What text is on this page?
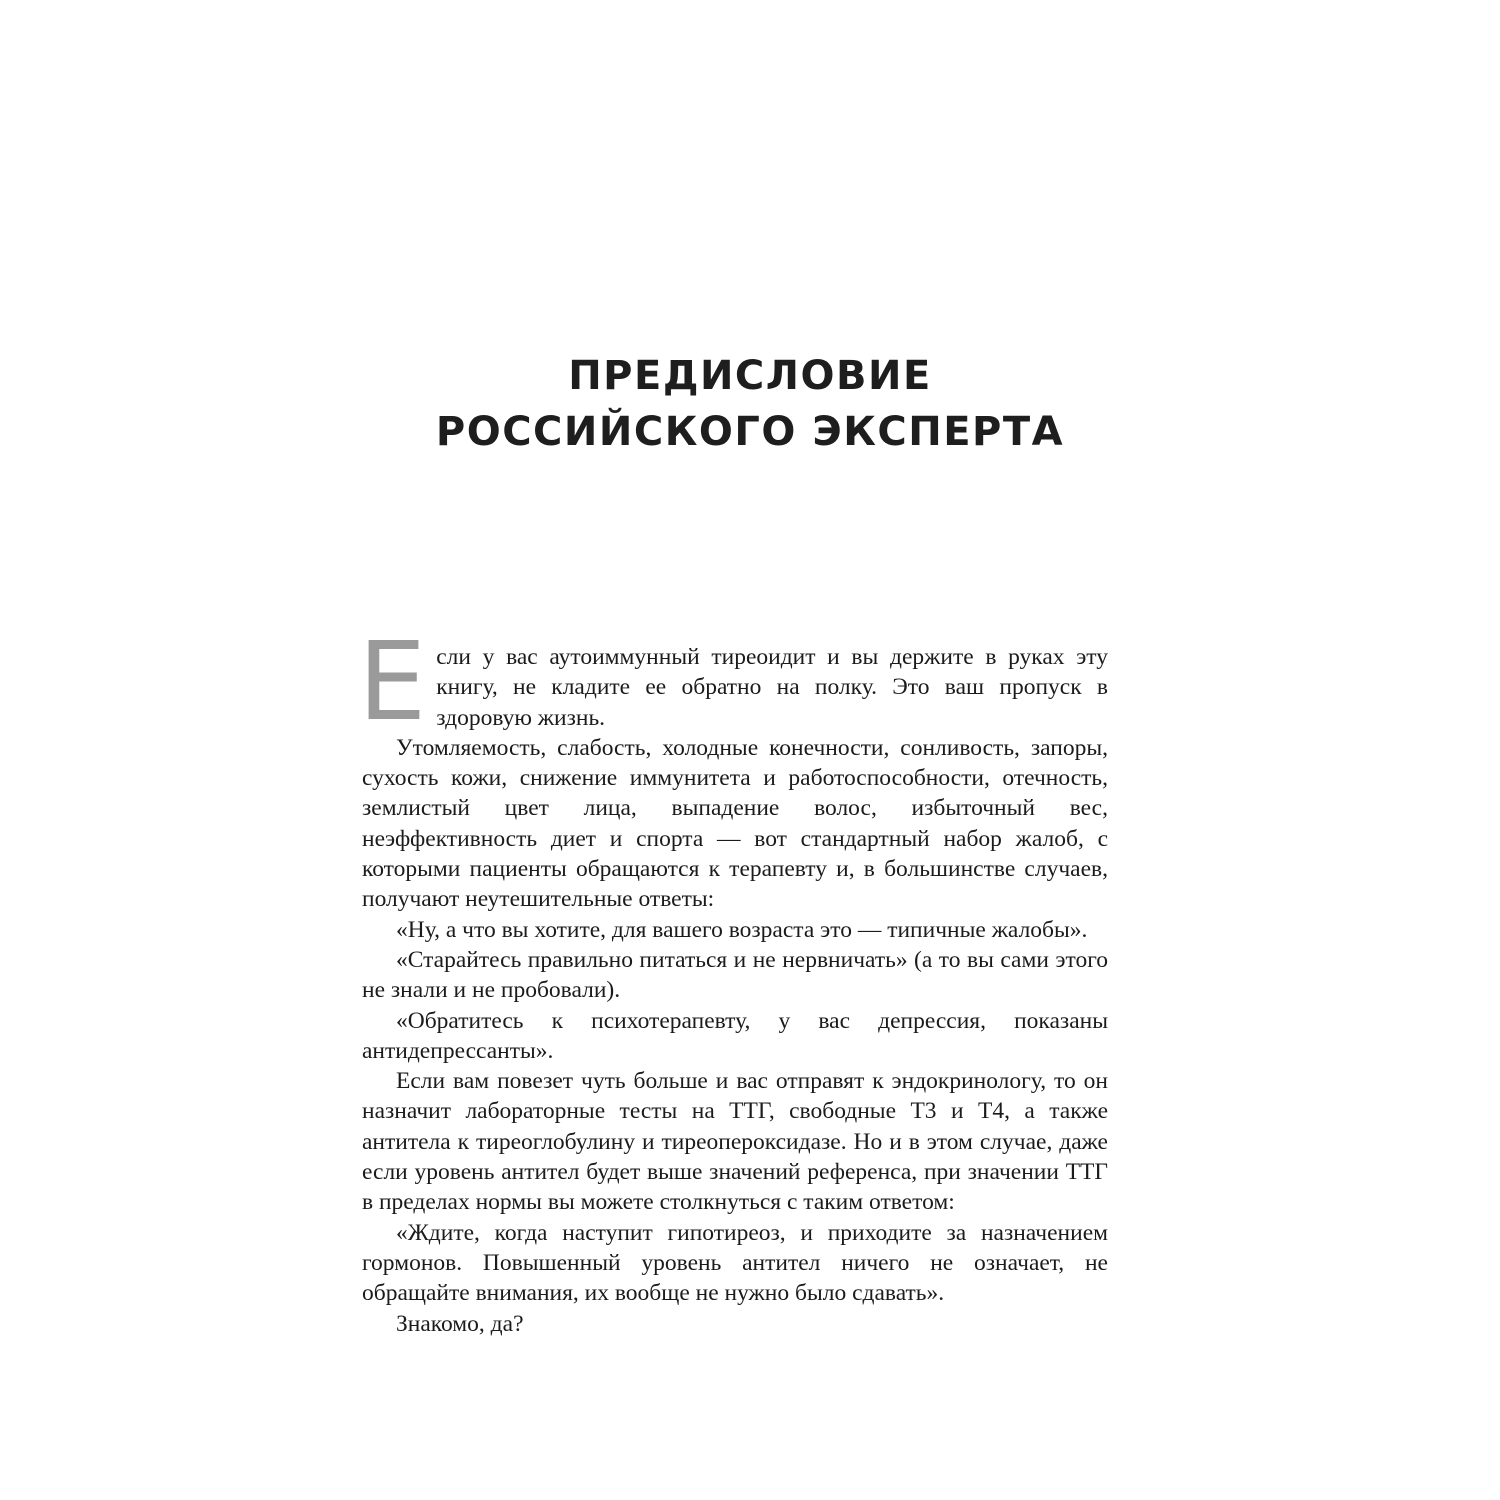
ПРЕДИСЛОВИЕ
РОССИЙСКОГО ЭКСПЕРТА

Если у вас аутоиммунный тиреоидит и вы держите в руках эту книгу, не кладите ее обратно на полку. Это ваш пропуск в здоровую жизнь.

Утомляемость, слабость, холодные конечности, сонливость, запоры, сухость кожи, снижение иммунитета и работоспособности, отечность, землистый цвет лица, выпадение волос, избыточный вес, неэффективность диет и спорта — вот стандартный набор жалоб, с которыми пациенты обращаются к терапевту и, в большинстве случаев, получают неутешительные ответы:

«Ну, а что вы хотите, для вашего возраста это — типичные жалобы».

«Старайтесь правильно питаться и не нервничать» (а то вы сами этого не знали и не пробовали).

«Обратитесь к психотерапевту, у вас депрессия, показаны антидепрессанты».

Если вам повезет чуть больше и вас отправят к эндокринологу, то он назначит лабораторные тесты на ТТГ, свободные Т3 и Т4, а также антитела к тиреоглобулину и тиреопероксидазе. Но и в этом случае, даже если уровень антител будет выше значений референса, при значении ТТГ в пределах нормы вы можете столкнуться с таким ответом:

«Ждите, когда наступит гипотиреоз, и приходите за назначением гормонов. Повышенный уровень антител ничего не означает, не обращайте внимания, их вообще не нужно было сдавать».

Знакомо, да?
